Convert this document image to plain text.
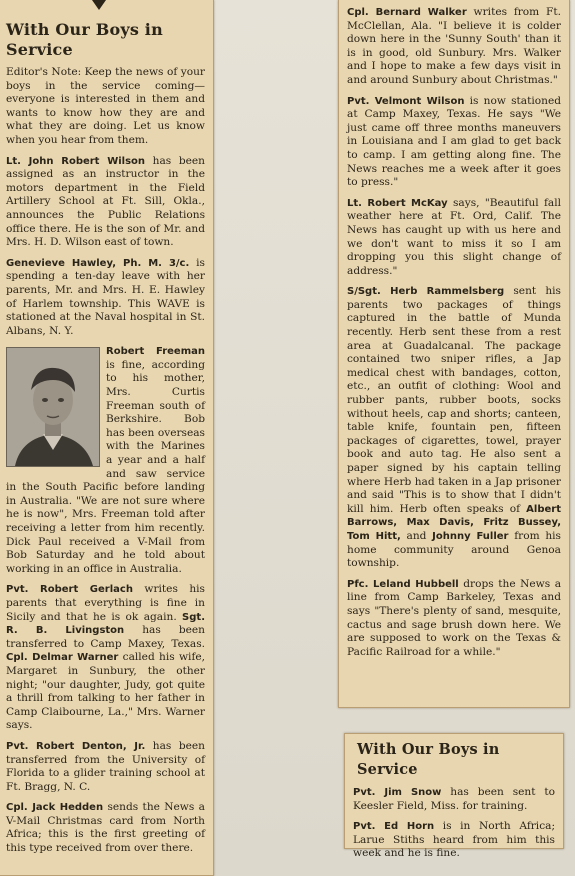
With Our Boys in Service

Editor's Note: Keep the news of your boys in the service coming—everyone is interested in them and wants to know how they are and what they are doing. Let us know when you hear from them.

Lt. John Robert Wilson has been assigned as an instructor in the motors department in the Field Artillery School at Ft. Sill, Okla., announces the Public Relations office there. He is the son of Mr. and Mrs. H. D. Wilson east of town.

Genevieve Hawley, Ph. M. 3/c. is spending a ten-day leave with her parents, Mr. and Mrs. H. E. Hawley of Harlem township. This WAVE is stationed at the Naval hospital in St. Albans, N. Y.

Robert Freeman
is fine, according to his mother, Mrs. Curtis Freeman south of Berkshire. Bob has been overseas with the Marines a year and a half and saw service in the South Pacific before landing in Australia. "We are not sure where he is now", Mrs. Freeman told after receiving a letter from him recently. Dick Paul received a V-Mail from Bob Saturday and he told about working in an office in Australia.

Pvt. Robert Gerlach writes his parents that everything is fine in Sicily and that he is ok again. Sgt. R. B. Livingston has been transferred to Camp Maxey, Texas. Cpl. Delmar Warner called his wife, Margaret in Sunbury, the other night; "our daughter, Judy, got quite a thrill from talking to her father in Camp Claibourne, La.," Mrs. Warner says.

Pvt. Robert Denton, Jr. has been transferred from the University of Florida to a glider training school at Ft. Bragg, N. C.

Cpl. Jack Hedden sends the News a V-Mail Christmas card from North Africa; this is the first greeting of this type received from over there.

Cpl. Bernard Walker writes from Ft. McClellan, Ala. "I believe it is colder down here in the 'Sunny South' than it is in good, old Sunbury. Mrs. Walker and I hope to make a few days visit in and around Sunbury about Christmas."

Pvt. Velmont Wilson is now stationed at Camp Maxey, Texas. He says "We just came off three months maneuvers in Louisiana and I am glad to get back to camp. I am getting along fine. The News reaches me a week after it goes to press."

Lt. Robert McKay says, "Beautiful fall weather here at Ft. Ord, Calif. The News has caught up with us here and we don't want to miss it so I am dropping you this slight change of address."

S/Sgt. Herb Rammelsberg sent his parents two packages of things captured in the battle of Munda recently. Herb sent these from a rest area at Guadalcanal. The package contained two sniper rifles, a Jap medical chest with bandages, cotton, etc., an outfit of clothing: Wool and rubber pants, rubber boots, socks without heels, cap and shorts; canteen, table knife, fountain pen, fifteen packages of cigarettes, towel, prayer book and auto tag. He also sent a paper signed by his captain telling where Herb had taken in a Jap prisoner and said "This is to show that I didn't kill him. Herb often speaks of Albert Barrows, Max Davis, Fritz Bussey, Tom Hitt, and Johnny Fuller from his home community around Genoa township.

Pfc. Leland Hubbell drops the News a line from Camp Barkeley, Texas and says "There's plenty of sand, mesquite, cactus and sage brush down here. We are supposed to work on the Texas & Pacific Railroad for a while."

With Our Boys in Service

Pvt. Jim Snow has been sent to Keesler Field, Miss. for training.

Pvt. Ed Horn is in North Africa; Larue Stiths heard from him this week and he is fine.
